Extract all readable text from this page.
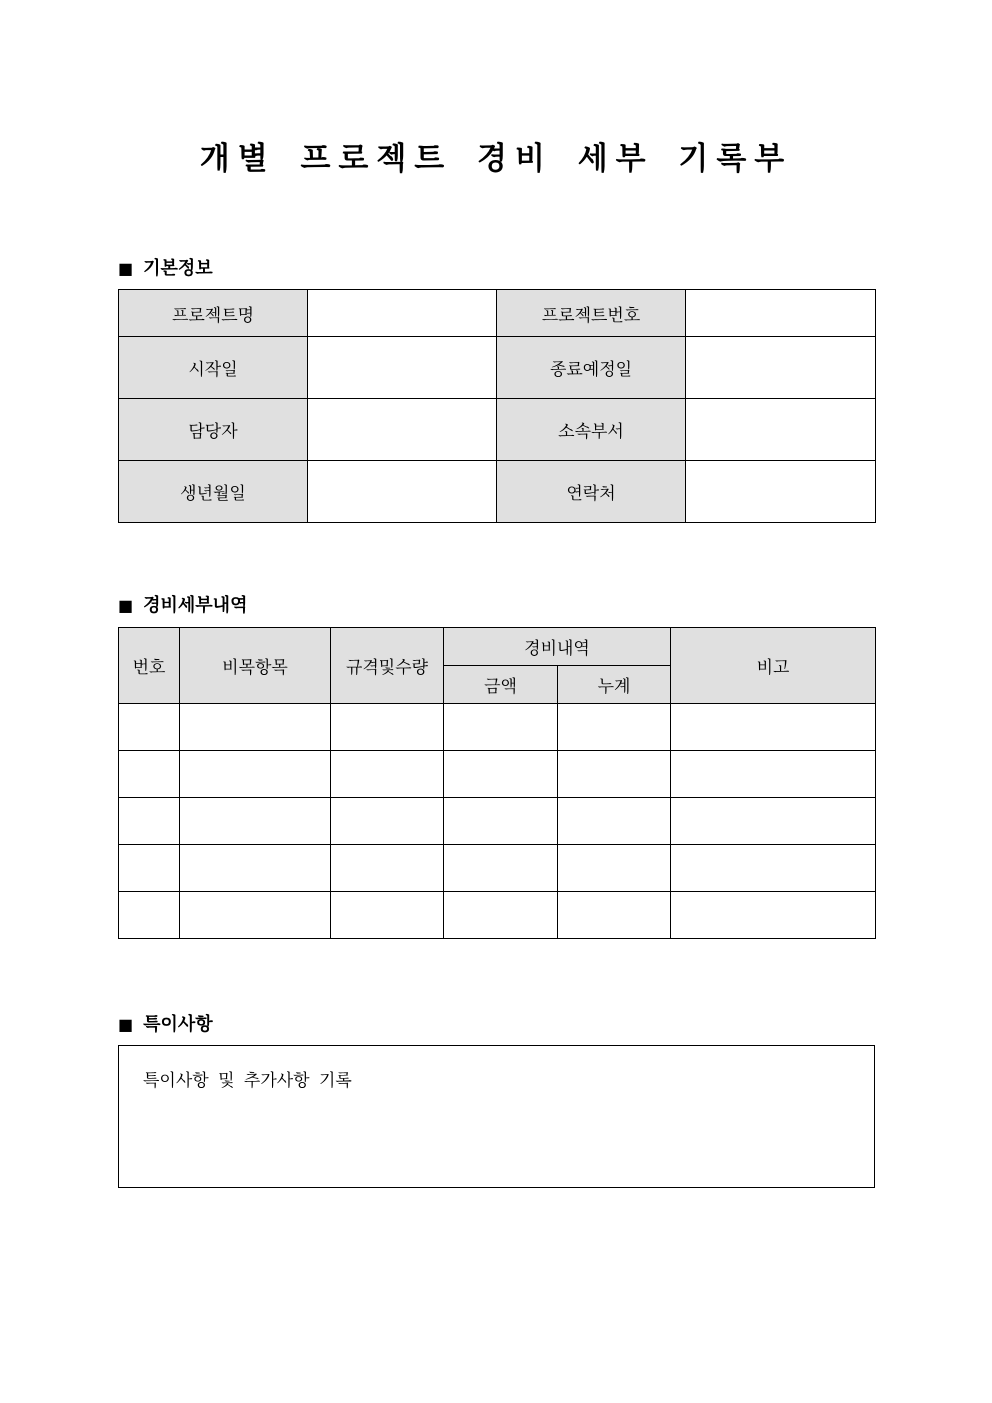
개별 프로젝트 경비 세부 기록부
■ 기본정보
프로젝트명		프로젝트번호	
시작일		종료예정일	
담당자		소속부서	
생년월일		연락처	
■ 경비세부내역
번호	비목항목	규격및수량	경비내역		비고
			금액	누계	

■ 특이사항
특이사항 및 추가사항 기록
